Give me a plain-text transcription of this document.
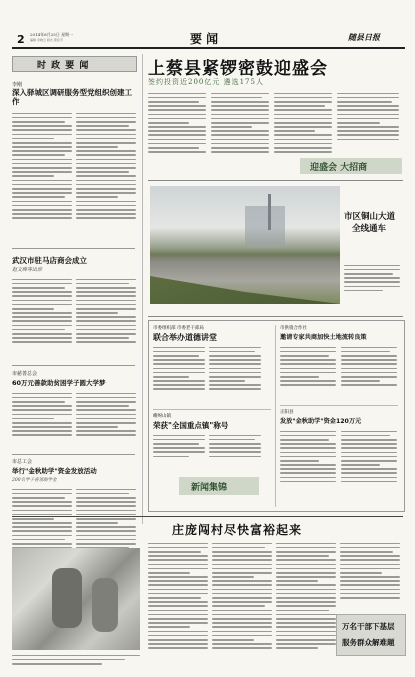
2 2014年8月25日 星期一
编辑 李晓云 版式 郭佳平	要 闻	随县日报
时 政 要 闻
李刚
深入驿城区调研服务型党组织创建工作
武汉市驻马店商会成立
赵文峰等出席
市慈善总会
60万元善款助贫困学子圆大学梦
市总工会
举行"金秋助学"资金发放活动
200名学子喜领助学金
上蔡县紧锣密鼓迎盛会
签约投资近200亿元 遴选175人
迎盛会 大招商
市区铜山大道
全线通车
市委组织部 市委老干部局
联合举办道德讲堂
市供销合作社
邀请专家共商加快土地流转良策
嵖岈山镇
荣获"全国重点镇"称号
正阳县
发放"金秋助学"资金120万元
新闻集锦
庄庞闯村尽快富裕起来
万名干部下基层
服务群众解难题
